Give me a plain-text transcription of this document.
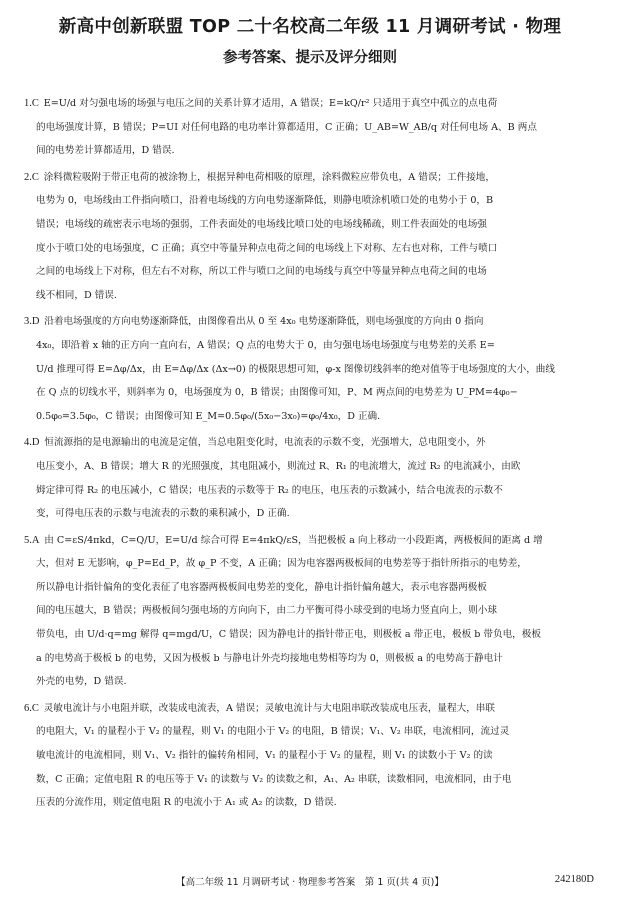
新高中创新联盟 TOP 二十名校高二年级 11 月调研考试 · 物理
参考答案、提示及评分细则
1.C  E=U/d 对匀强电场的场强与电压之间的关系计算才适用，A 错误；E=kQ/r² 只适用于真空中孤立的点电荷
的电场强度计算，B 错误；P=UI 对任何电路的电功率计算都适用，C 正确；U_AB=W_AB/q 对任何电场 A、B 两点
间的电势差计算都适用，D 错误.
2.C  涂料微粒吸附于带正电荷的被涂物上，根据异种电荷相吸的原理，涂料微粒应带负电，A 错误；工件接地，
电势为 0，电场线由工件指向喷口，沿着电场线的方向电势逐渐降低，则静电喷涂机喷口处的电势小于 0，B
错误；电场线的疏密表示电场的强弱，工件表面处的电场线比喷口处的电场线稀疏，则工件表面处的电场强
度小于喷口处的电场强度，C 正确；真空中等量异种点电荷之间的电场线上下对称、左右也对称，工件与喷口
之间的电场线上下对称，但左右不对称，所以工件与喷口之间的电场线与真空中等量异种点电荷之间的电场
线不相同，D 错误.
3.D  沿着电场强度的方向电势逐渐降低，由图像看出从 0 至 4x₀ 电势逐渐降低，则电场强度的方向由 0 指向
4x₀，即沿着 x 轴的正方向一直向右，A 错误；Q 点的电势大于 0，由匀强电场电场强度与电势差的关系 E=
U/d 推理可得 E=Δφ/Δx，由 E=Δφ/Δx (Δx→0) 的极限思想可知，φ-x 图像切线斜率的绝对值等于电场强度的大小，曲线
在 Q 点的切线水平，则斜率为 0，电场强度为 0，B 错误；由图像可知，P、M 两点间的电势差为 U_PM=4φ₀−
0.5φ₀=3.5φ₀，C 错误；由图像可知 E_M=0.5φ₀/(5x₀−3x₀)=φ₀/4x₀，D 正确.
4.D  恒流源指的是电源输出的电流是定值，当总电阻变化时，电流表的示数不变，光强增大，总电阻变小，外
电压变小，A、B 错误；增大 R 的光照强度，其电阻减小，则流过 R、R₁ 的电流增大，流过 R₂ 的电流减小，由欧
姆定律可得 R₂ 的电压减小，C 错误；电压表的示数等于 R₂ 的电压，电压表的示数减小，结合电流表的示数不
变，可得电压表的示数与电流表的示数的乘积减小，D 正确.
5.A  由 C=εS/4πkd，C=Q/U，E=U/d 综合可得 E=4πkQ/εS，当把极板 a 向上移动一小段距离，两极板间的距离 d 增
大，但对 E 无影响，φ_P=Ed_P，故 φ_P 不变，A 正确；因为电容器两极板间的电势差等于指针所指示的电势差，
所以静电计指针偏角的变化表征了电容器两极板间电势差的变化，静电计指针偏角越大，表示电容器两极板
间的电压越大，B 错误；两极板间匀强电场的方向向下，由二力平衡可得小球受到的电场力竖直向上，则小球
带负电，由 U/d·q=mg 解得 q=mgd/U，C 错误；因为静电计的指针带正电，则极板 a 带正电，极板 b 带负电，极板
a 的电势高于极板 b 的电势，又因为极板 b 与静电计外壳均接地电势相等均为 0，则极板 a 的电势高于静电计
外壳的电势，D 错误.
6.C  灵敏电流计与小电阻并联，改装成电流表，A 错误；灵敏电流计与大电阻串联改装成电压表，量程大，串联
的电阻大，V₁ 的量程小于 V₂ 的量程，则 V₁ 的电阻小于 V₂ 的电阻，B 错误；V₁、V₂ 串联，电流相同，流过灵
敏电流计的电流相同，则 V₁、V₂ 指针的偏转角相同，V₁ 的量程小于 V₂ 的量程，则 V₁ 的读数小于 V₂ 的读
数，C 正确；定值电阻 R 的电压等于 V₁ 的读数与 V₂ 的读数之和，A₁、A₂ 串联，读数相同，电流相同，由于电
压表的分流作用，则定值电阻 R 的电流小于 A₁ 或 A₂ 的读数，D 错误.
【高二年级 11 月调研考试 · 物理参考答案　第 1 页(共 4 页)】	242180D
